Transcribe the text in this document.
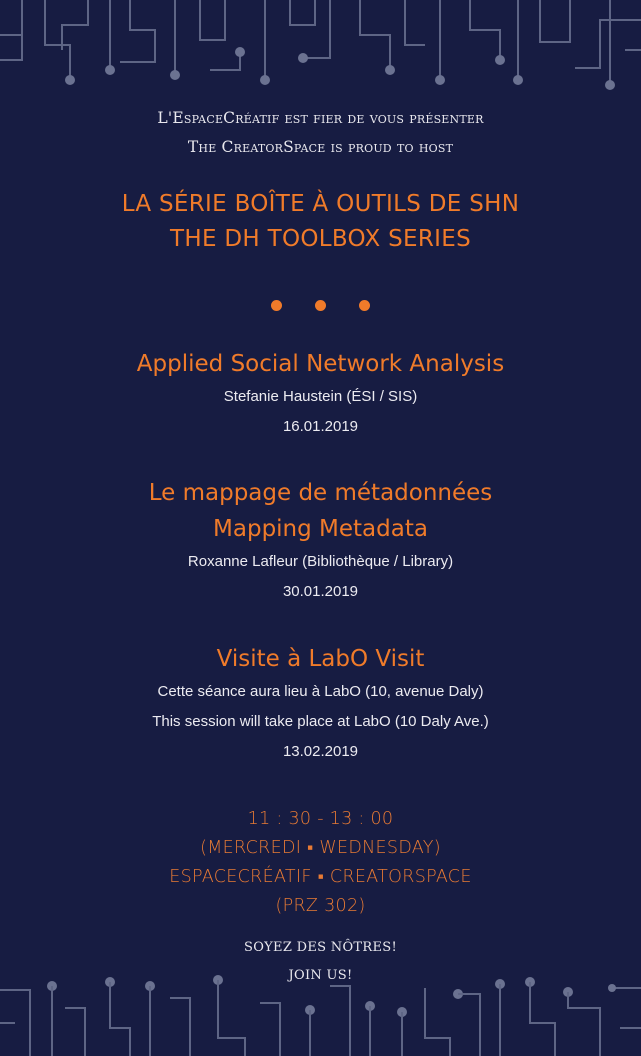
L'EspaceCréatif est fier de vous présenter
The CreatorSpace is proud to host
LA SÉRIE BOÎTE À OUTILS DE SHN
THE DH TOOLBOX SERIES

Applied Social Network Analysis
Stefanie Haustein (ÉSI / SIS)
16.01.2019
Le mappage de métadonnées
Mapping Metadata
Roxanne Lafleur (Bibliothèque / Library)
30.01.2019
Visite à LabO Visit
Cette séance aura lieu à LabO (10, avenue Daly)
This session will take place at LabO (10 Daly Ave.)
13.02.2019
11 : 30 - 13 : 00
(MERCREDI ▪ WEDNESDAY)
ESPACECRÉATIF ▪ CREATORSPACE
(PRZ 302)
SOYEZ DES NÔTRES!
JOIN US!
